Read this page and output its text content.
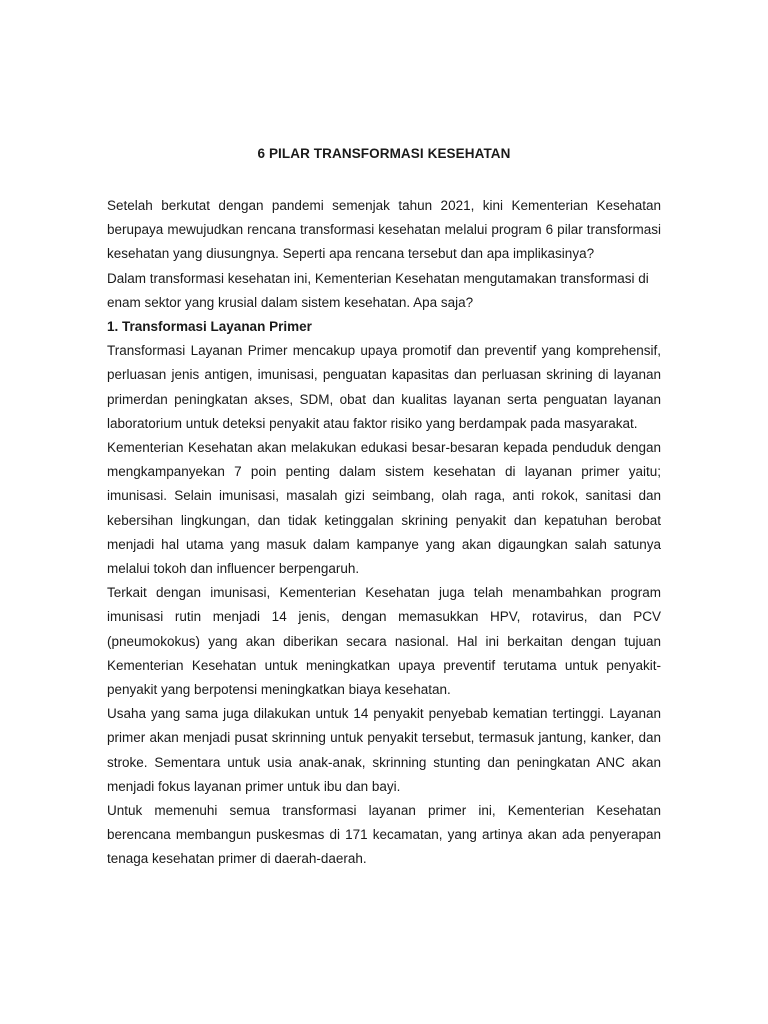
6 PILAR TRANSFORMASI KESEHATAN

Setelah berkutat dengan pandemi semenjak tahun 2021, kini Kementerian Kesehatan berupaya mewujudkan rencana transformasi kesehatan melalui program 6 pilar transformasi kesehatan yang diusungnya. Seperti apa rencana tersebut dan apa implikasinya?

Dalam transformasi kesehatan ini, Kementerian Kesehatan mengutamakan transformasi di enam sektor yang krusial dalam sistem kesehatan. Apa saja?

1. Transformasi Layanan Primer

Transformasi Layanan Primer mencakup upaya promotif dan preventif yang komprehensif, perluasan jenis antigen, imunisasi, penguatan kapasitas dan perluasan skrining di layanan primerdan peningkatan akses, SDM, obat dan kualitas layanan serta penguatan layanan laboratorium untuk deteksi penyakit atau faktor risiko yang berdampak pada masyarakat.

Kementerian Kesehatan akan melakukan edukasi besar-besaran kepada penduduk dengan mengkampanyekan 7 poin penting dalam sistem kesehatan di layanan primer yaitu; imunisasi. Selain imunisasi, masalah gizi seimbang, olah raga, anti rokok, sanitasi dan kebersihan lingkungan, dan tidak ketinggalan skrining penyakit dan kepatuhan berobat menjadi hal utama yang masuk dalam kampanye yang akan digaungkan salah satunya melalui tokoh dan influencer berpengaruh.

Terkait dengan imunisasi, Kementerian Kesehatan juga telah menambahkan program imunisasi rutin menjadi 14 jenis, dengan memasukkan HPV, rotavirus, dan PCV (pneumokokus) yang akan diberikan secara nasional. Hal ini berkaitan dengan tujuan Kementerian Kesehatan untuk meningkatkan upaya preventif terutama untuk penyakit-penyakit yang berpotensi meningkatkan biaya kesehatan.

Usaha yang sama juga dilakukan untuk 14 penyakit penyebab kematian tertinggi. Layanan primer akan menjadi pusat skrinning untuk penyakit tersebut, termasuk jantung, kanker, dan stroke. Sementara untuk usia anak-anak, skrinning stunting dan peningkatan ANC akan menjadi fokus layanan primer untuk ibu dan bayi.

Untuk memenuhi semua transformasi layanan primer ini, Kementerian Kesehatan berencana membangun puskesmas di 171 kecamatan, yang artinya akan ada penyerapan tenaga kesehatan primer di daerah-daerah.
